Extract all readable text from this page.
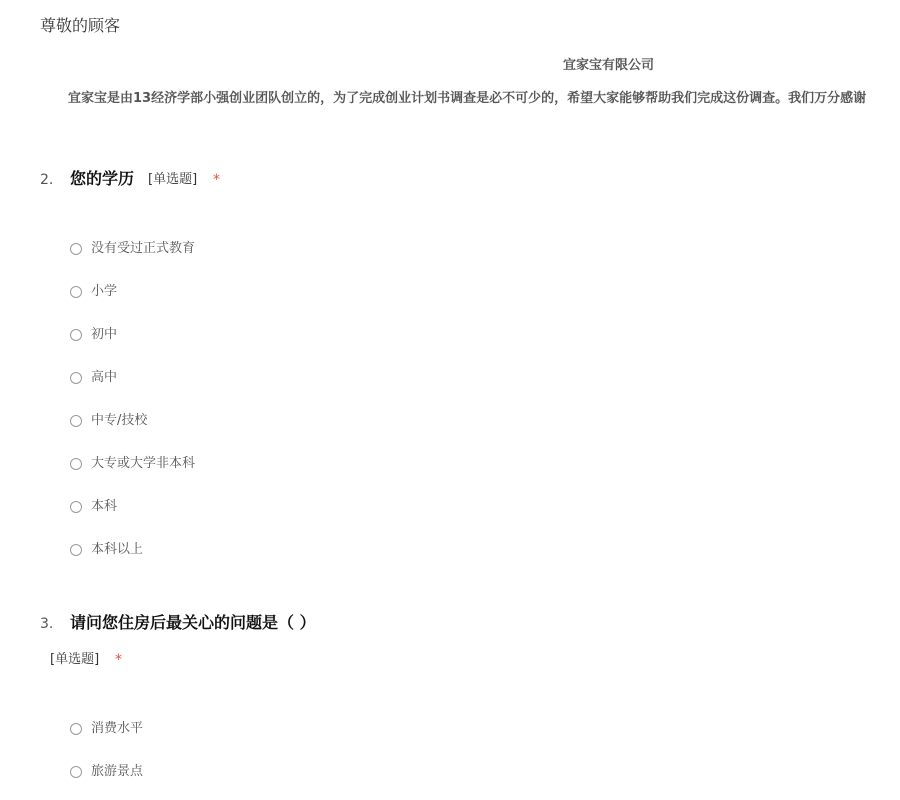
尊敬的顾客
宜家宝有限公司
宜家宝是由13经济学部小强创业团队创立的，为了完成创业计划书调查是必不可少的，希望大家能够帮助我们完成这份调查。我们万分感谢
2. 您的学历 [单选题] *
没有受过正式教育
小学
初中
高中
中专/技校
大专或大学非本科
本科
本科以上
3. 请问您住房后最关心的问题是（ ）
[单选题] *
消费水平
旅游景点
